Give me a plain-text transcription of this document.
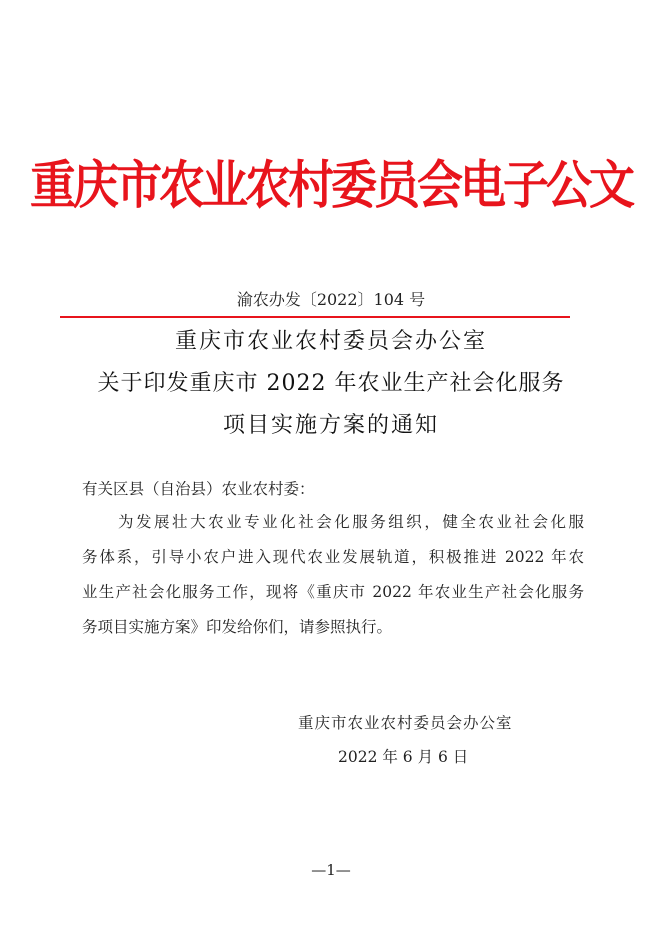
重庆市农业农村委员会电子公文
渝农办发〔2022〕104 号
重庆市农业农村委员会办公室
关于印发重庆市 2022 年农业生产社会化服务
项目实施方案的通知
有关区县（自治县）农业农村委：
为发展壮大农业专业化社会化服务组织，健全农业社会化服
务体系，引导小农户进入现代农业发展轨道，积极推进 2022 年农
业生产社会化服务工作，现将《重庆市 2022 年农业生产社会化服务
务项目实施方案》印发给你们，请参照执行。
重庆市农业农村委员会办公室
2022 年 6 月 6 日
—1—
